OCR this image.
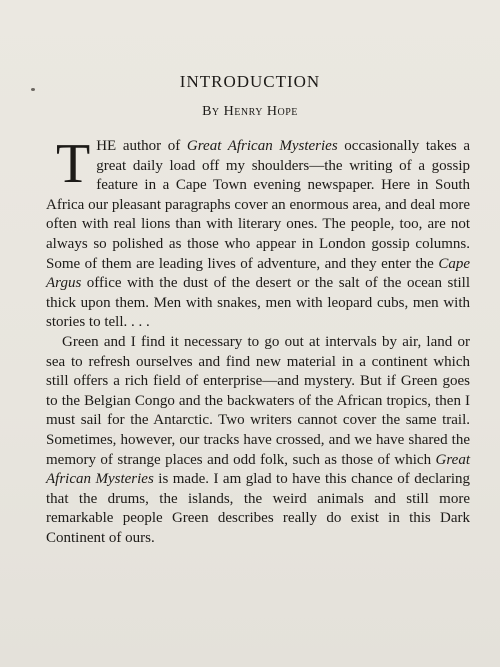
INTRODUCTION
By Henry Hope

THE author of Great African Mysteries occasionally takes a great daily load off my shoulders—the writing of a gossip feature in a Cape Town evening newspaper. Here in South Africa our pleasant paragraphs cover an enormous area, and deal more often with real lions than with literary ones. The people, too, are not always so polished as those who appear in London gossip columns. Some of them are leading lives of adventure, and they enter the Cape Argus office with the dust of the desert or the salt of the ocean still thick upon them. Men with snakes, men with leopard cubs, men with stories to tell. . . .

Green and I find it necessary to go out at intervals by air, land or sea to refresh ourselves and find new material in a continent which still offers a rich field of enterprise—and mystery. But if Green goes to the Belgian Congo and the backwaters of the African tropics, then I must sail for the Antarctic. Two writers cannot cover the same trail. Sometimes, however, our tracks have crossed, and we have shared the memory of strange places and odd folk, such as those of which Great African Mysteries is made. I am glad to have this chance of declaring that the drums, the islands, the weird animals and still more remarkable people Green describes really do exist in this Dark Continent of ours.
